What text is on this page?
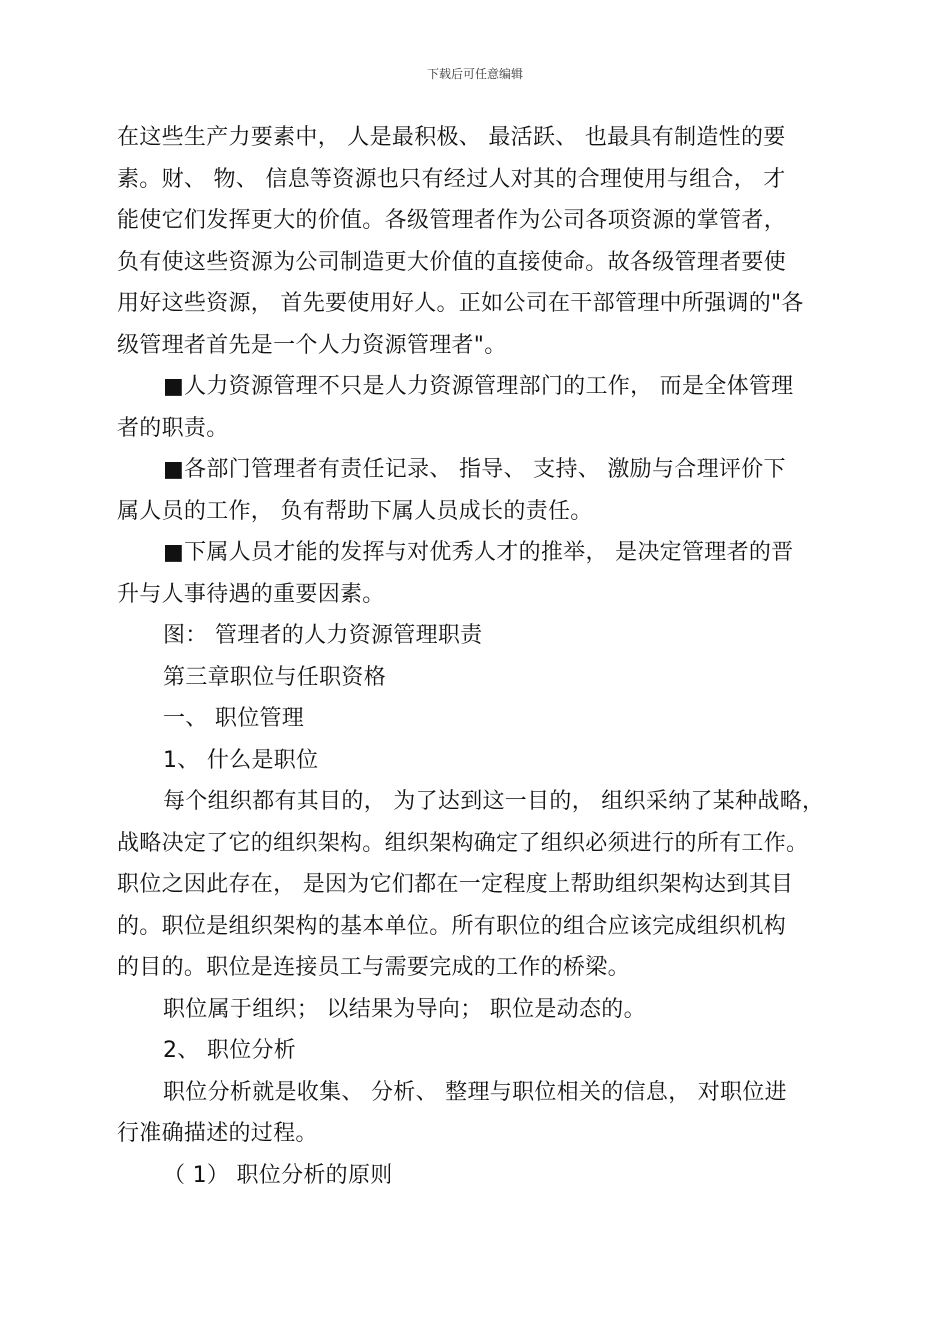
下载后可任意编辑

在这些生产力要素中， 人是最积极、 最活跃、 也最具有制造性的要
素。财、 物、 信息等资源也只有经过人对其的合理使用与组合， 才
能使它们发挥更大的价值。各级管理者作为公司各项资源的掌管者，
负有使这些资源为公司制造更大价值的直接使命。故各级管理者要使
用好这些资源， 首先要使用好人。正如公司在干部管理中所强调的"各
级管理者首先是一个人力资源管理者"。

■人力资源管理不只是人力资源管理部门的工作， 而是全体管理
者的职责。

■各部门管理者有责任记录、 指导、 支持、 激励与合理评价下
属人员的工作， 负有帮助下属人员成长的责任。

■下属人员才能的发挥与对优秀人才的推举， 是决定管理者的晋
升与人事待遇的重要因素。

图： 管理者的人力资源管理职责

第三章职位与任职资格

一、 职位管理

1、 什么是职位

每个组织都有其目的， 为了达到这一目的， 组织采纳了某种战略，
战略决定了它的组织架构。组织架构确定了组织必须进行的所有工作。
职位之因此存在， 是因为它们都在一定程度上帮助组织架构达到其目
的。职位是组织架构的基本单位。所有职位的组合应该完成组织机构
的目的。职位是连接员工与需要完成的工作的桥梁。

职位属于组织； 以结果为导向； 职位是动态的。

2、 职位分析

职位分析就是收集、 分析、 整理与职位相关的信息， 对职位进
行准确描述的过程。

（ 1） 职位分析的原则
